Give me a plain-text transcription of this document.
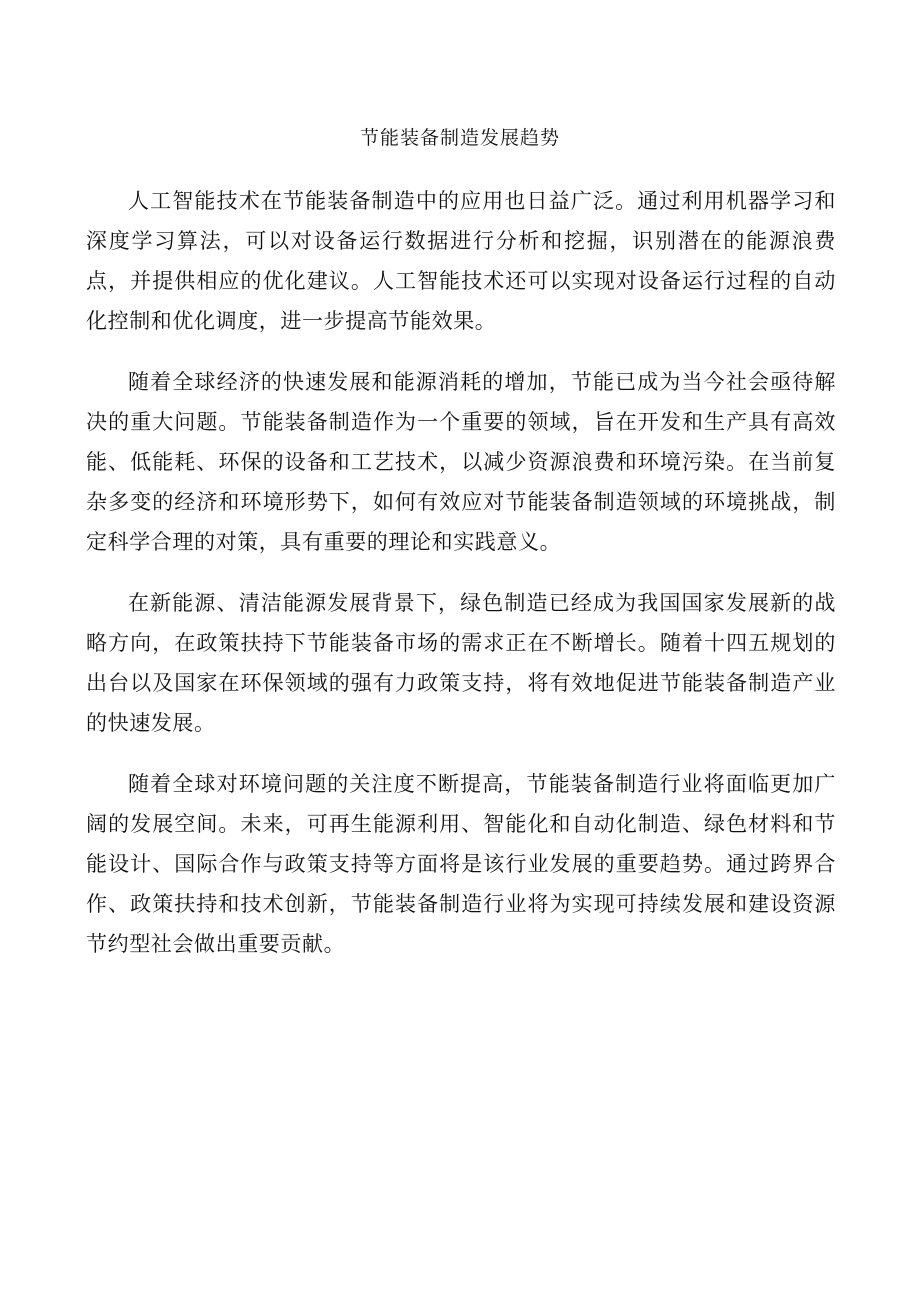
节能装备制造发展趋势

人工智能技术在节能装备制造中的应用也日益广泛。通过利用机器学习和深度学习算法，可以对设备运行数据进行分析和挖掘，识别潜在的能源浪费点，并提供相应的优化建议。人工智能技术还可以实现对设备运行过程的自动化控制和优化调度，进一步提高节能效果。

随着全球经济的快速发展和能源消耗的增加，节能已成为当今社会亟待解决的重大问题。节能装备制造作为一个重要的领域，旨在开发和生产具有高效能、低能耗、环保的设备和工艺技术，以减少资源浪费和环境污染。在当前复杂多变的经济和环境形势下，如何有效应对节能装备制造领域的环境挑战，制定科学合理的对策，具有重要的理论和实践意义。

在新能源、清洁能源发展背景下，绿色制造已经成为我国国家发展新的战略方向，在政策扶持下节能装备市场的需求正在不断增长。随着十四五规划的出台以及国家在环保领域的强有力政策支持，将有效地促进节能装备制造产业的快速发展。

随着全球对环境问题的关注度不断提高，节能装备制造行业将面临更加广阔的发展空间。未来，可再生能源利用、智能化和自动化制造、绿色材料和节能设计、国际合作与政策支持等方面将是该行业发展的重要趋势。通过跨界合作、政策扶持和技术创新，节能装备制造行业将为实现可持续发展和建设资源节约型社会做出重要贡献。
